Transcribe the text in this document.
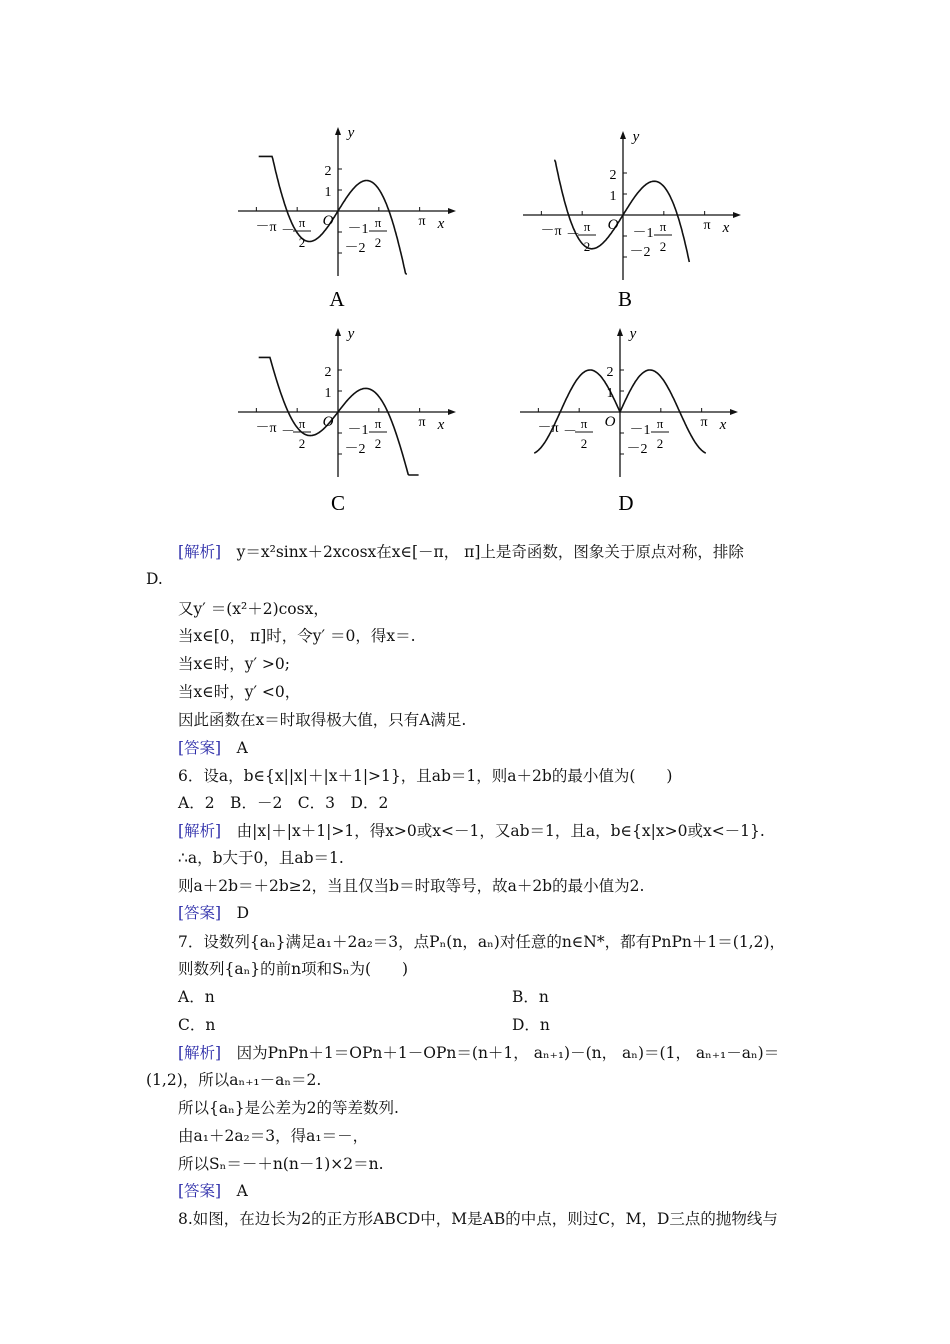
x
y
2
1
O
－π －
π
2
－1 π
2
－2
π
A
x
y
2
1
O
－π －
π
2
－1 π
2
－2
π
B
x
y
2
1
O
－π －
π
2
－1 π
2
－2
π
C
x
y
2
1
O
－π －
π
2
－1 π
2
－2
π
D
[解析]　y＝x²sinx＋2xcosx在x∈[－π， π]上是奇函数，图象关于原点对称，排除
D.
又y′ ＝(x²＋2)cosx，
当x∈[0， π]时，令y′ ＝0，得x＝.
当x∈时，y′ >0;
当x∈时，y′ <0，
因此函数在x＝时取得极大值，只有A满足.
[答案]　A
6．设a，b∈{x||x|＋|x＋1|>1}，且ab＝1，则a＋2b的最小值为(　　)
A．2　B．－2　C．3　D．2
[解析]　由|x|＋|x＋1|>1，得x>0或x<－1，又ab＝1，且a，b∈{x|x>0或x<－1}.
∴a，b大于0，且ab＝1.
则a＋2b＝＋2b≥2，当且仅当b＝时取等号，故a＋2b的最小值为2.
[答案]　D
7．设数列{aₙ}满足a₁＋2a₂＝3，点Pₙ(n，aₙ)对任意的n∈N*，都有PnPn＋1＝(1,2)，
则数列{aₙ}的前n项和Sₙ为(　　)
A．n	B．n
C．n	D．n
[解析]　因为PnPn＋1＝OPn＋1－OPn＝(n＋1， aₙ₊₁)－(n， aₙ)＝(1， aₙ₊₁－aₙ)＝
(1,2)，所以aₙ₊₁－aₙ＝2.
所以{aₙ}是公差为2的等差数列.
由a₁＋2a₂＝3，得a₁＝－，
所以Sₙ＝－＋n(n－1)×2＝n.
[答案]　A
8.如图，在边长为2的正方形ABCD中，M是AB的中点，则过C，M，D三点的抛物线与
